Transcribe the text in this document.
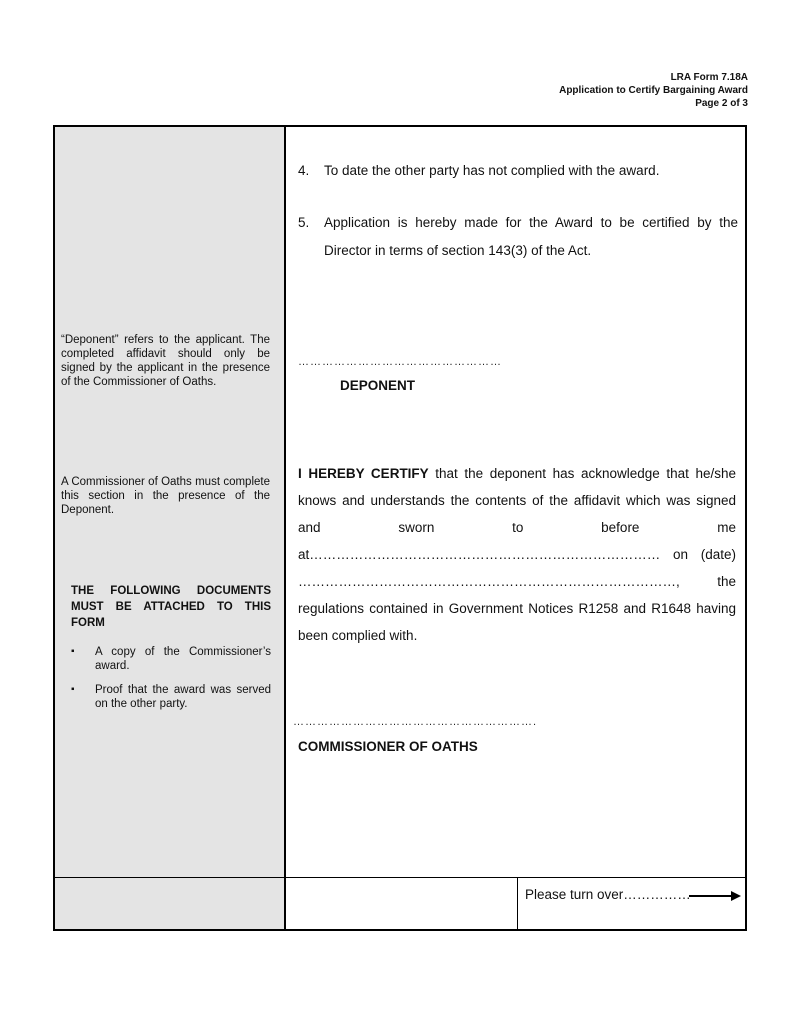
LRA Form 7.18A
Application to Certify Bargaining Award
Page 2 of 3
“Deponent” refers to the applicant. The completed affidavit should only be signed by the applicant in the presence of the Commissioner of Oaths.
A Commissioner of Oaths must complete this section in the presence of the Deponent.
THE FOLLOWING DOCUMENTS MUST BE ATTACHED TO THIS FORM
▪ A copy of the Commissioner’s award.
▪ Proof that the award was served on the other party.
4. To date the other party has not complied with the award.
5. Application is hereby made for the Award to be certified by the Director in terms of section 143(3) of the Act.
……………………………………………
DEPONENT
I HEREBY CERTIFY that the deponent has acknowledge that he/she knows and understands the contents of the affidavit which was signed and sworn to before me at…………………………………………………………………… on (date) …………………………………………………………………………, the regulations contained in Government Notices R1258 and R1648 having been complied with.
…………………………………………………….
COMMISSIONER OF OATHS
Please turn over……………
